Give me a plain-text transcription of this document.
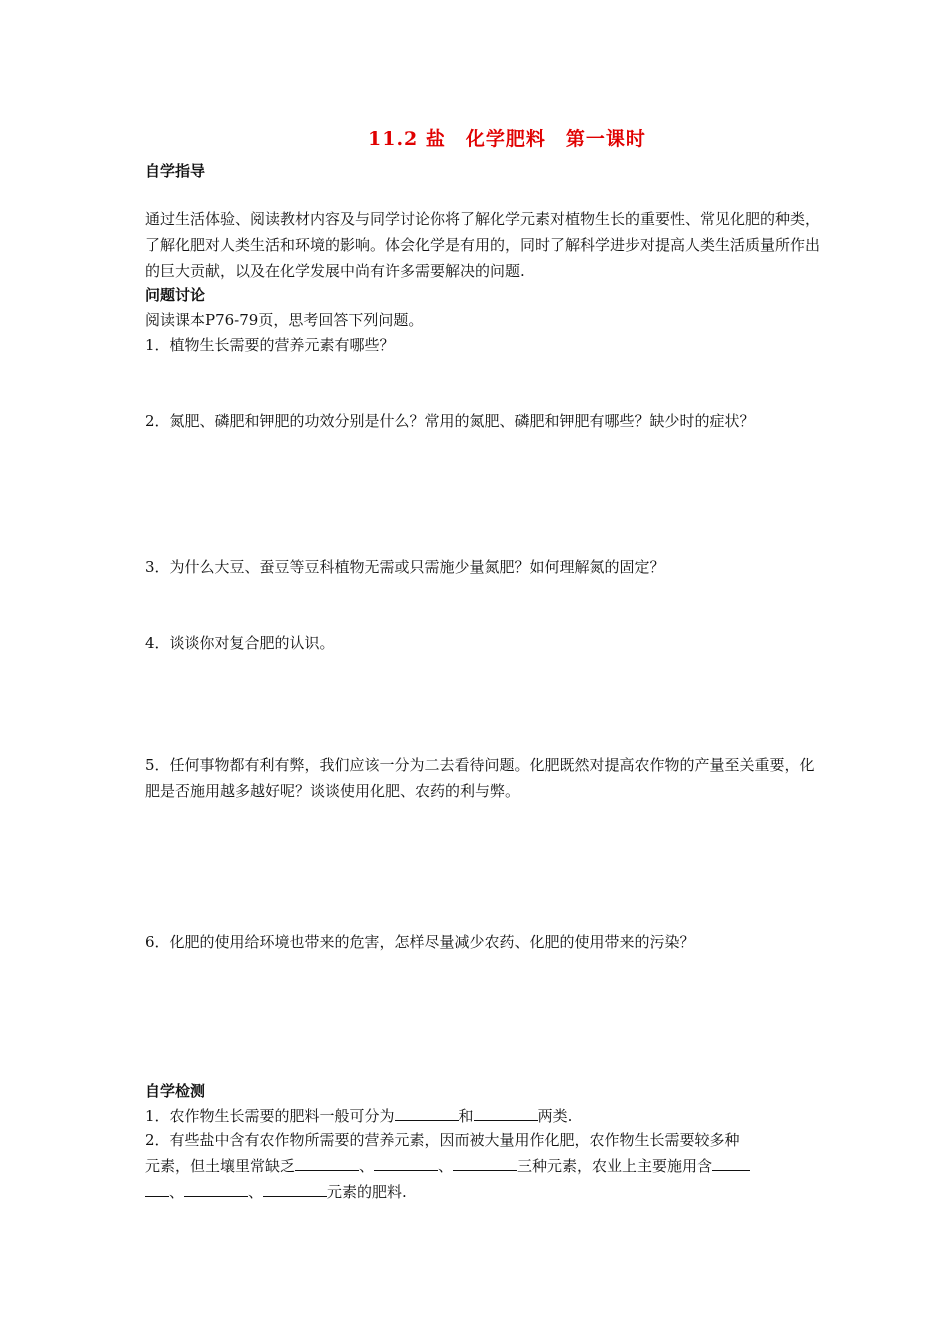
11.2 盐　化学肥料　第一课时
自学指导
通过生活体验、阅读教材内容及与同学讨论你将了解化学元素对植物生长的重要性、常见化肥的种类，了解化肥对人类生活和环境的影响。体会化学是有用的，同时了解科学进步对提高人类生活质量所作出的巨大贡献，以及在化学发展中尚有许多需要解决的问题.
问题讨论
阅读课本P76-79页，思考回答下列问题。
1．植物生长需要的营养元素有哪些？
2．氮肥、磷肥和钾肥的功效分别是什么？常用的氮肥、磷肥和钾肥有哪些？缺少时的症状？
3．为什么大豆、蚕豆等豆科植物无需或只需施少量氮肥？如何理解氮的固定？
4．谈谈你对复合肥的认识。
5．任何事物都有利有弊，我们应该一分为二去看待问题。化肥既然对提高农作物的产量至关重要，化肥是否施用越多越好呢？谈谈使用化肥、农药的利与弊。
6．化肥的使用给环境也带来的危害，怎样尽量减少农药、化肥的使用带来的污染？
自学检测
1．农作物生长需要的肥料一般可分为	和	两类.
2．有些盐中含有农作物所需要的营养元素，因而被大量用作化肥，农作物生长需要较多种
元素，但土壤里常缺乏	、	、	三种元素，农业上主要施用含
、	、	元素的肥料.
